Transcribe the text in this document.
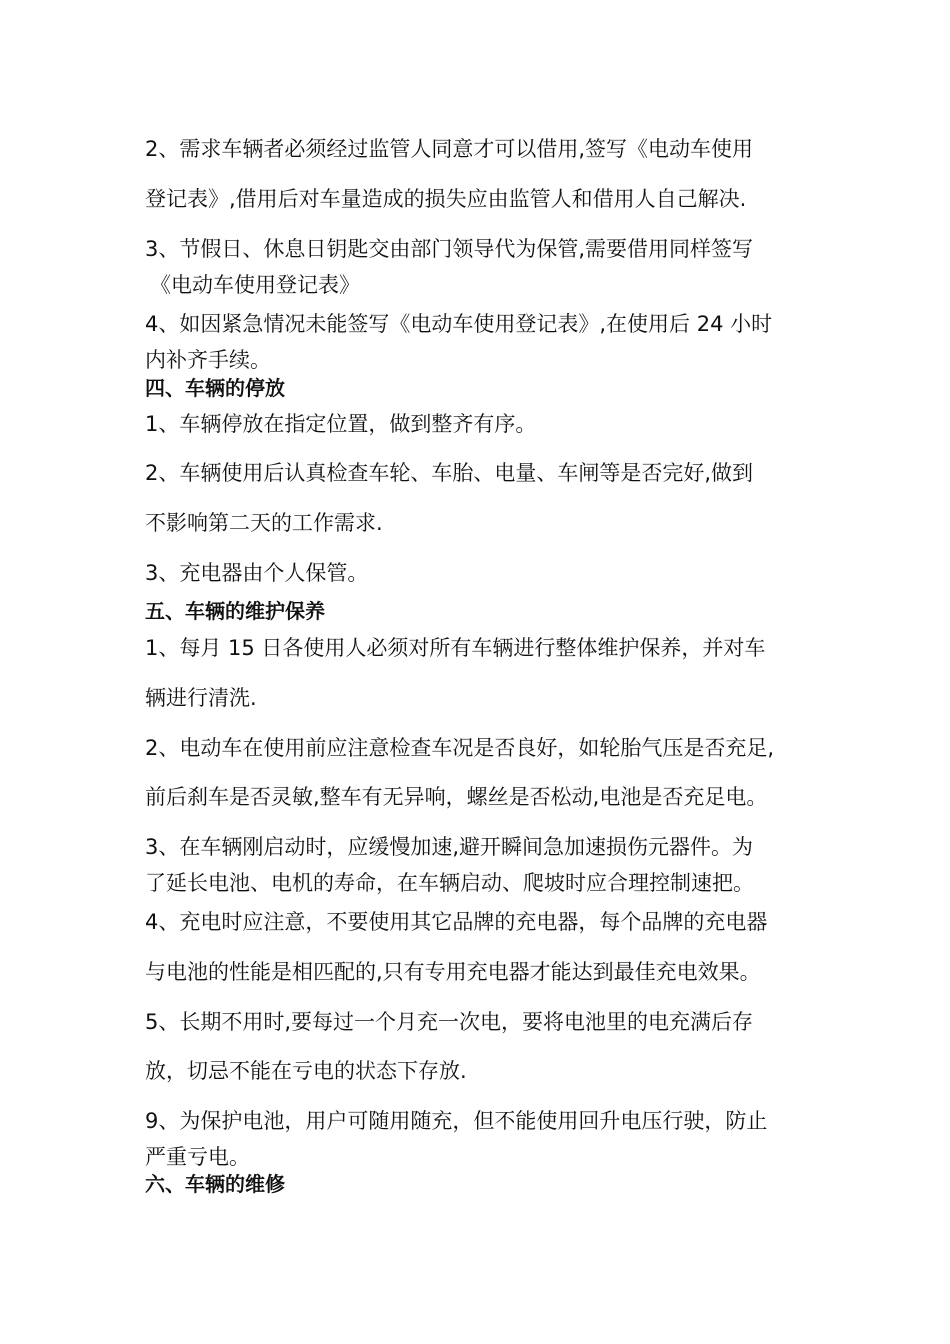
2、需求车辆者必须经过监管人同意才可以借用,签写《电动车使用
登记表》,借用后对车量造成的损失应由监管人和借用人自己解决.
3、节假日、休息日钥匙交由部门领导代为保管,需要借用同样签写
《电动车使用登记表》
4、如因紧急情况未能签写《电动车使用登记表》,在使用后 24 小时
内补齐手续。
四、车辆的停放
1、车辆停放在指定位置，做到整齐有序。
2、车辆使用后认真检查车轮、车胎、电量、车闸等是否完好,做到
不影响第二天的工作需求.
3、充电器由个人保管。
五、车辆的维护保养
1、每月 15 日各使用人必须对所有车辆进行整体维护保养，并对车
辆进行清洗.
2、电动车在使用前应注意检查车况是否良好，如轮胎气压是否充足,
前后刹车是否灵敏,整车有无异响，螺丝是否松动,电池是否充足电。
3、在车辆刚启动时，应缓慢加速,避开瞬间急加速损伤元器件。为
了延长电池、电机的寿命，在车辆启动、爬坡时应合理控制速把。
4、充电时应注意，不要使用其它品牌的充电器，每个品牌的充电器
与电池的性能是相匹配的,只有专用充电器才能达到最佳充电效果。
5、长期不用时,要每过一个月充一次电，要将电池里的电充满后存
放，切忌不能在亏电的状态下存放.
9、为保护电池，用户可随用随充，但不能使用回升电压行驶，防止
严重亏电。
六、车辆的维修
